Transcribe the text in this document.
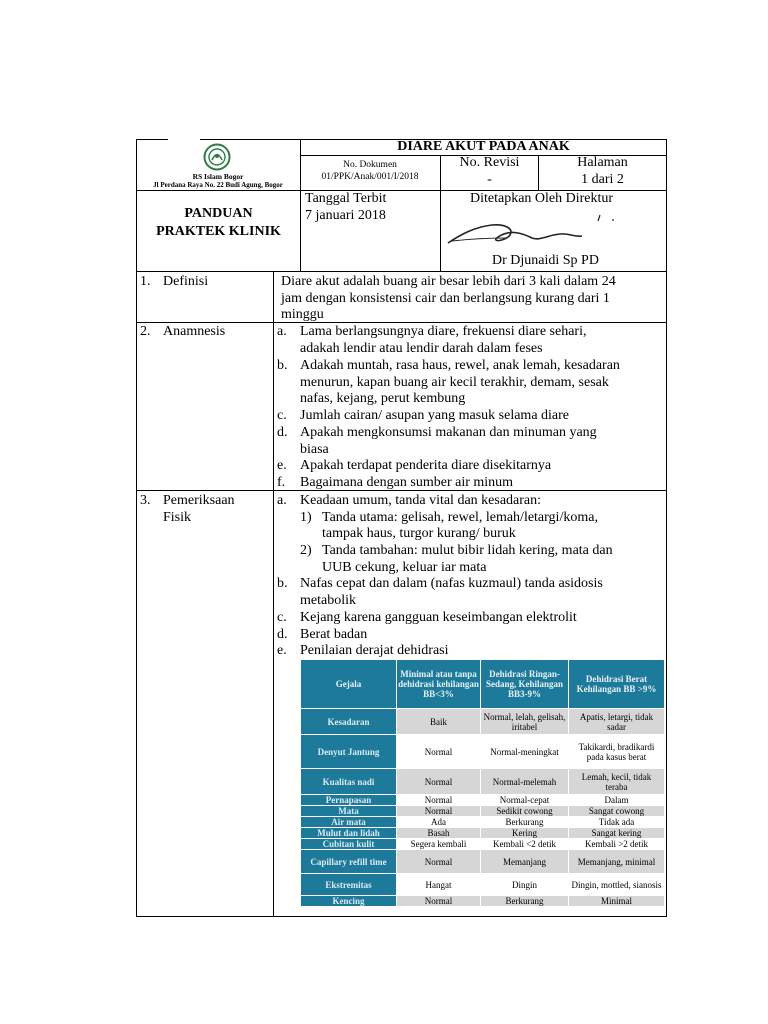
RS Islam Bogor
Jl Perdana Raya No. 22 Budi Agung, Bogor
DIARE AKUT PADA ANAK
No. Dokumen
01/PPK/Anak/001/I/2018
No. Revisi
-
Halaman
1 dari 2
PANDUAN
PRAKTEK KLINIK
Tanggal Terbit
7 januari 2018
Ditetapkan Oleh Direktur
Dr Djunaidi Sp PD
1. Definisi	Diare akut adalah buang air besar lebih dari 3 kali dalam 24
jam dengan konsistensi cair dan berlangsung kurang dari 1
minggu
2. Anamnesis	a. Lama berlangsungnya diare, frekuensi diare sehari,
adakah lendir atau lendir darah dalam feses
b. Adakah muntah, rasa haus, rewel, anak lemah, kesadaran
menurun, kapan buang air kecil terakhir, demam, sesak
nafas, kejang, perut kembung
c. Jumlah cairan/ asupan yang masuk selama diare
d. Apakah mengkonsumsi makanan dan minuman yang
biasa
e. Apakah terdapat penderita diare disekitarnya
f. Bagaimana dengan sumber air minum
3. Pemeriksaan
Fisik
a. Keadaan umum, tanda vital dan kesadaran:
1) Tanda utama: gelisah, rewel, lemah/letargi/koma,
tampak haus, turgor kurang/ buruk
2) Tanda tambahan: mulut bibir lidah kering, mata dan
UUB cekung, keluar iar mata
b. Nafas cepat dan dalam (nafas kuzmaul) tanda asidosis
metabolik
c. Kejang karena gangguan keseimbangan elektrolit
d. Berat badan
e. Penilaian derajat dehidrasi
Gejala	Minimal atau tanpa dehidrasi kehilangan BB<3%	Dehidrasi Ringan-Sedang, Kehilangan BB3-9%	Dehidrasi Berat Kehilangan BB >9%
Kesadaran	Baik	Normal, lelah, gelisah, iritabel	Apatis, letargi, tidak sadar
Denyut Jantung	Normal	Normal-meningkat	Takikardi, bradikardi pada kasus berat
Kualitas nadi	Normal	Normal-melemah	Lemah, kecil, tidak teraba
Pernapasan	Normal	Normal-cepat	Dalam
Mata	Normal	Sedikit cowong	Sangat cowong
Air mata	Ada	Berkurang	Tidak ada
Mulut dan lidah	Basah	Kering	Sangat kering
Cubitan kulit	Segera kembali	Kembali <2 detik	Kembali >2 detik
Capillary refill time	Normal	Memanjang	Memanjang, minimal
Ekstremitas	Hangat	Dingin	Dingin, mottled, sianosis
Kencing	Normal	Berkurang	Minimal
